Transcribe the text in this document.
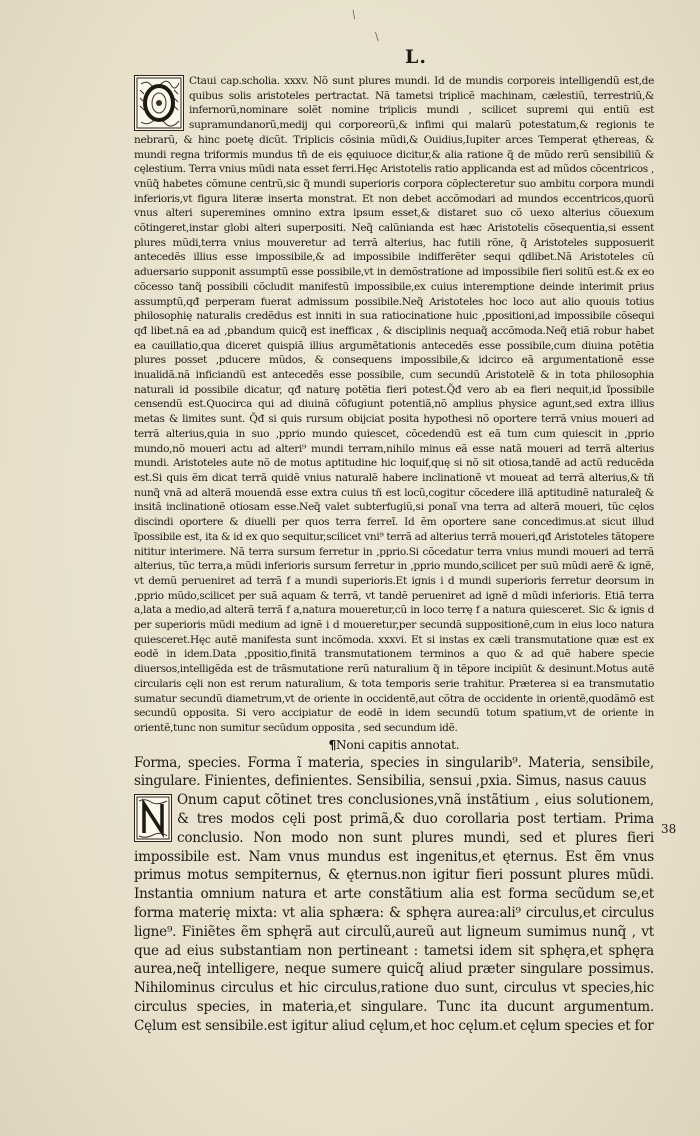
\
\
L.

Ctaui cap.scholia. xxxv. Nõ sunt plures mundi. Id de mundis corporeis intelligendũ est,de quibus solis aristoteles pertractat. Nã tametsi triplicẽ machinam, cælestiũ, terrestriũ,& infernorũ,nominare solẽt nomine triplicis mundi , scilicet supremi qui entiũ est supramundanorũ,medij qui corporeorũ,& infimi qui malarũ potestatum,& regionis te nebrarũ, & hinc poetę dicũt. Triplicis cõsinia mũdi,& Ouidius,Iupiter arces Temperat ęthereas, & mundi regna triformis mundus tñ de eis ęquiuoce dicitur,& alia ratione q̃ de mũdo rerũ sensibiliũ & cęlestium. Terra vnius mũdi nata esset ferri.Hęc Aristotelis ratio applicanda est ad mũdos cõcentricos , vnũq̃ habetes cõmune centrũ,sic q̃ mundi superioris corpora cõplecteretur suo ambitu corpora mundi inferioris,vt figura literæ inserta monstrat. Et non debet accõmodari ad mundos eccentricos,quorũ vnus alteri superemines omnino extra ipsum esset,& distaret suo cõ uexo alterius cõuexum cõtingeret,instar globi alteri superpositi. Neq̃ calũnianda est hæc Aristotelis cõsequentia,si essent plures mũdi,terra vnius mouveretur ad terrã alterius, hac futili rõne, q̃ Aristoteles supposuerit antecedẽs illius esse impossibile,& ad impossibile indifferẽter sequi qdlibet.Nã Aristoteles cũ aduersario supponit assumptũ esse possibile,vt in demõstratione ad impossibile fieri solitũ est.& ex eo cõcesso tanq̃ possibili cõcludit manifestũ impossibile,ex cuius interemptione deinde interimit prius assumptũ,qđ perperam fuerat admissum possibile.Neq̃ Aristoteles hoc loco aut alio quouis totius philosophię naturalis credẽdus est inniti in sua ratiocinatione huic ,ppositioni,ad impossibile cõsequi qđ libet.nã ea ad ,pbandum quicq̃ est inefficax , & disciplinis nequaq̃ accõmoda.Neq̃ etiã robur habet ea cauillatio,qua diceret quispiã illius argumẽtationis antecedẽs esse possibile,cum diuina potẽtia plures posset ,pducere mũdos, & consequens impossibile,& idcirco eã argumentationẽ esse inualidã.nã inficiandũ est antecedẽs esse possibile, cum secundũ Aristotelẽ & in tota philosophia naturali id possibile dicatur, qđ naturę potẽtia fieri potest.Q̃đ vero ab ea fieri nequit,id ĩpossibile censendũ est.Quocirca qui ad diuinã cõfugiunt potentiã,nõ amplius physice agunt,sed extra illius metas & limites sunt. Q̃đ si quis rursum obijciat posita hypothesi nõ oportere terrã vnius moueri ad terrã alterius,quia in suo ,pprio mundo quiescet, cõcedendũ est eã tum cum quiescit in ,pprio mundo,nõ moueri actu ad alteri⁹ mundi terram,nihilo minus eã esse natã moueri ad terrã alterius mundi. Aristoteles aute nõ de motus aptitudine hic loquif,quę si nõ sit otiosa,tandẽ ad actũ reducẽda est.Si quis ẽm dicat terrã quidẽ vnius naturalẽ habere inclinationẽ vt moueat ad terrã alterius,& tñ nunq̃ vnã ad alterã mouendã esse extra cuius tñ est locũ,cogitur cõcedere illã aptitudinẽ naturaleq̃ & insitã inclinationẽ otiosam esse.Neq̃ valet subterfugiũ,si ponaĩ vna terra ad alterã moueri, tũc cęlos discindi oportere & diuelli per quos terra ferreĩ. Id ẽm oportere sane concedimus.at sicut illud ĩpossibile est, ita & id ex quo sequitur,scilicet vni⁹ terrã ad alterius terrã moueri,qđ Aristoteles tãtopere nititur interimere. Nã terra sursum ferretur in ,pprio.Si cõcedatur terra vnius mundi moueri ad terrã alterius, tũc terra,a mũdi inferioris sursum ferretur in ,pprio mundo,scilicet per suũ mũdi aerẽ & ignẽ, vt demũ perueniret ad terrã f a mundi superioris.Et ignis i d mundi superioris ferretur deorsum in ,pprio mũdo,scilicet per suã aquam & terrã, vt tandẽ perueniret ad ignẽ d mũdi inferioris. Etiã terra a,lata a medio,ad alterã terrã f a,natura moueretur,cũ in loco terrę f a natura quiesceret. Sic & ignis d per superioris mũdi medium ad ignẽ i d moueretur,per secundã suppositionẽ,cum in eius loco natura quiesceret.Hęc autẽ manifesta sunt incõmoda. xxxvi. Et si instas ex cæli transmutatione quæ est ex eodẽ in idem.Data ,ppositio,finitã transmutationem terminos a quo & ad quẽ habere specie diuersos,intelligẽda est de trãsmutatione rerũ naturalium q̃ in tẽpore incipiũt & desinunt.Motus autẽ circularis cęli non est rerum naturalium, & tota temporis serie trahitur. Præterea si ea transmutatio sumatur secundũ diametrum,vt de oriente in occidentẽ,aut cõtra de occidente in orientẽ,quodãmõ est secundũ opposita. Si vero accipiatur de eodẽ in idem secundũ totum spatium,vt de oriente in orientẽ,tunc non sumitur secũdum opposita , sed secundum idẽ.

¶Noni capitis annotat.

Forma, species. Forma ĩ materia, species in singularib⁹. Materia, sensibile, singulare. Finientes, definientes. Sensibilia, sensui ,pxia. Simus, nasus cauus

Onum caput cõtinet tres conclusiones,vnã instãtium , eius solutionem, & tres modos cęli post primã,& duo corollaria post tertiam. Prima conclusio. Non modo non sunt plures mundi, sed et plures fieri impossibile est. Nam vnus mundus est ingenitus,et ęternus. Est ẽm vnus primus motus sempiternus, & ęternus.non igitur fieri possunt plures mũdi. Instantia omnium natura et arte constãtium alia est forma secũdum se,et forma materię mixta: vt alia sphæra: & sphęra aurea:ali⁹ circulus,et circulus ligne⁹. Finiẽtes ẽm sphęrã aut circulũ,aureũ aut ligneum sumimus nunq̃ , vt que ad eius substantiam non pertineant : tametsi idem sit sphęra,et sphęra aurea,neq̃ intelligere, neque sumere quicq̃ aliud præter singulare possimus. Nihilominus circulus et hic circulus,ratione duo sunt, circulus vt species,hic circulus species, in materia,et singulare. Tunc ita ducunt argumentum. Cęlum est sensibile.est igitur aliud cęlum,et hoc cęlum.et cęlum species et for

38
